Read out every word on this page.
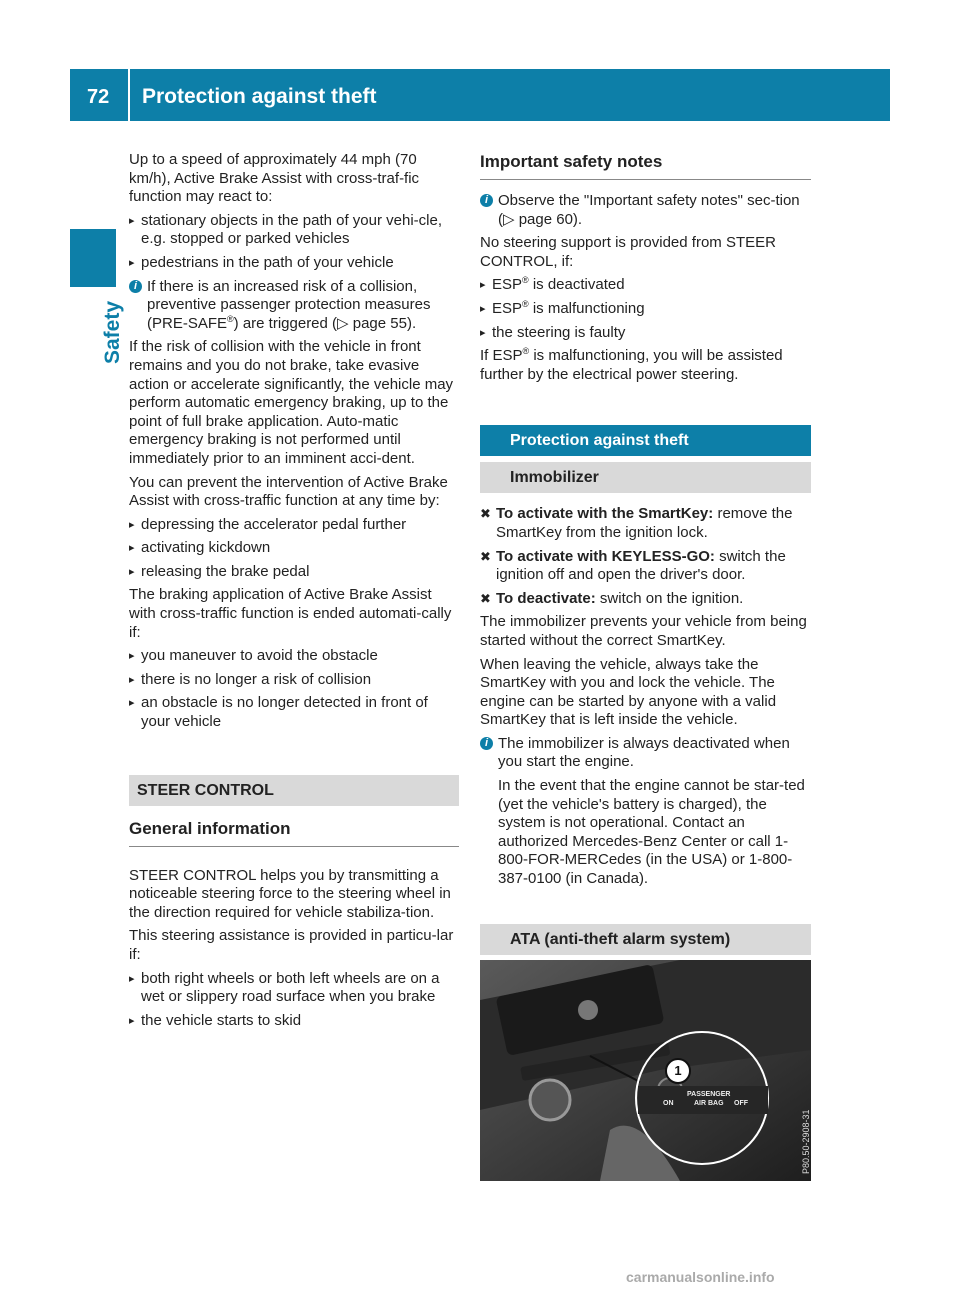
72 Protection against theft
Safety

Up to a speed of approximately 44 mph (70 km/h), Active Brake Assist with cross-traf-fic function may react to:

▸ stationary objects in the path of your vehi-cle, e.g. stopped or parked vehicles
▸ pedestrians in the path of your vehicle
i If there is an increased risk of a collision, preventive passenger protection measures (PRE-SAFE®) are triggered (▷ page 55).

If the risk of collision with the vehicle in front remains and you do not brake, take evasive action or accelerate significantly, the vehicle may perform automatic emergency braking, up to the point of full brake application. Auto-matic emergency braking is not performed until immediately prior to an imminent acci-dent.

You can prevent the intervention of Active Brake Assist with cross-traffic function at any time by:

▸ depressing the accelerator pedal further
▸ activating kickdown
▸ releasing the brake pedal

The braking application of Active Brake Assist with cross-traffic function is ended automati-cally if:

▸ you maneuver to avoid the obstacle
▸ there is no longer a risk of collision
▸ an obstacle is no longer detected in front of your vehicle
STEER CONTROL
General information

STEER CONTROL helps you by transmitting a noticeable steering force to the steering wheel in the direction required for vehicle stabiliza-tion.

This steering assistance is provided in particu-lar if:

▸ both right wheels or both left wheels are on a wet or slippery road surface when you brake
▸ the vehicle starts to skid
Important safety notes
i Observe the "Important safety notes" sec-tion (▷ page 60).

No steering support is provided from STEER CONTROL, if:

▸ ESP® is deactivated
▸ ESP® is malfunctioning
▸ the steering is faulty

If ESP® is malfunctioning, you will be assisted further by the electrical power steering.

Protection against theft
Immobilizer
✖ To activate with the SmartKey: remove the SmartKey from the ignition lock.
✖ To activate with KEYLESS-GO: switch the ignition off and open the driver's door.
✖ To deactivate: switch on the ignition.

The immobilizer prevents your vehicle from being started without the correct SmartKey.

When leaving the vehicle, always take the SmartKey with you and lock the vehicle. The engine can be started by anyone with a valid SmartKey that is left inside the vehicle.

i The immobilizer is always deactivated when you start the engine.

In the event that the engine cannot be star-ted (yet the vehicle's battery is charged), the system is not operational. Contact an authorized Mercedes-Benz Center or call 1-800-FOR-MERCedes (in the USA) or 1-800-387-0100 (in Canada).

ATA (anti-theft alarm system)
1
ON
PASSENGER
AIR BAG OFF
P80.50-2908-31
carmanualsonline.info
